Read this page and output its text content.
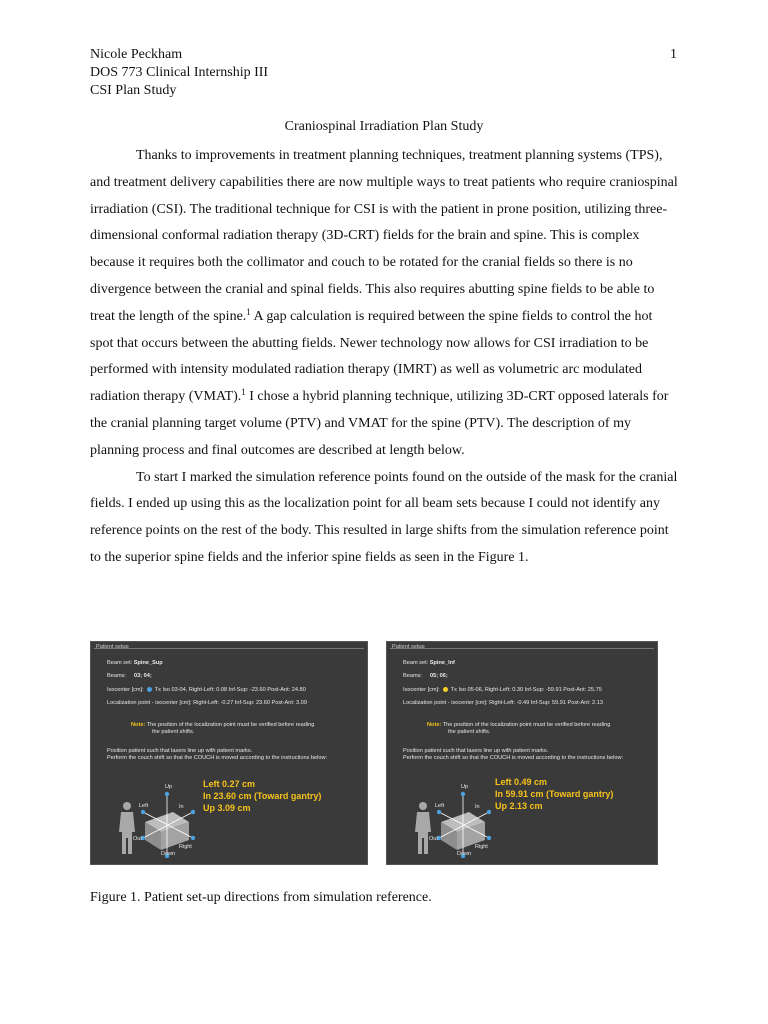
Nicole Peckham
DOS 773 Clinical Internship III
CSI Plan Study
1
Craniospinal Irradiation Plan Study

Thanks to improvements in treatment planning techniques, treatment planning systems (TPS), and treatment delivery capabilities there are now multiple ways to treat patients who require craniospinal irradiation (CSI). The traditional technique for CSI is with the patient in prone position, utilizing three-dimensional conformal radiation therapy (3D-CRT) fields for the brain and spine. This is complex because it requires both the collimator and couch to be rotated for the cranial fields so there is no divergence between the cranial and spinal fields. This also requires abutting spine fields to be able to treat the length of the spine.$^1$ A gap calculation is required between the spine fields to control the hot spot that occurs between the abutting fields. Newer technology now allows for CSI irradiation to be performed with intensity modulated radiation therapy (IMRT) as well as volumetric arc modulated radiation therapy (VMAT).$^1$ I chose a hybrid planning technique, utilizing 3D-CRT opposed laterals for the cranial planning target volume (PTV) and VMAT for the spine (PTV). The description of my planning process and final outcomes are described at length below.

To start I marked the simulation reference points found on the outside of the mask for the cranial fields. I ended up using this as the localization point for all beam sets because I could not identify any reference points on the rest of the body. This resulted in large shifts from the simulation reference point to the superior spine fields and the inferior spine fields as seen in the Figure 1.

Patient setup
Beam set: Spine_Sup
Beams: 03; 04;
Isocenter [cm]: Tx Iso 03-04, Right-Left: 0.08 Inf-Sup: -23.60 Post-Ant: 24.80
Localization point - isocenter [cm]: Right-Left: -0.27 Inf-Sup: 23.60 Post-Ant: 3.09
Note: The position of the localization point must be verified before reading
the patient shifts.
Position patient such that lasers line up with patient marks.
Perform the couch shift so that the COUCH is moved according to the instructions below:
Left 0.27 cm
In 23.60 cm (Toward gantry)
Up 3.09 cm
Up
Left	In
Out
Right
Down
Patient setup
Beam set: Spine_Inf
Beams: 05; 06;
Isocenter [cm]: Tx Iso 05-06, Right-Left: 0.30 Inf-Sup: -59.91 Post-Ant: 25.75
Localization point - isocenter [cm]: Right-Left: -0.49 Inf-Sup: 59.91 Post-Ant: 2.13
Note: The position of the localization point must be verified before reading
the patient shifts.
Position patient such that lasers line up with patient marks.
Perform the couch shift so that the COUCH is moved according to the instructions below:
Left 0.49 cm
In 59.91 cm (Toward gantry)
Up 2.13 cm
Up
Left	In
Out
Right
Down
Figure 1. Patient set-up directions from simulation reference.
